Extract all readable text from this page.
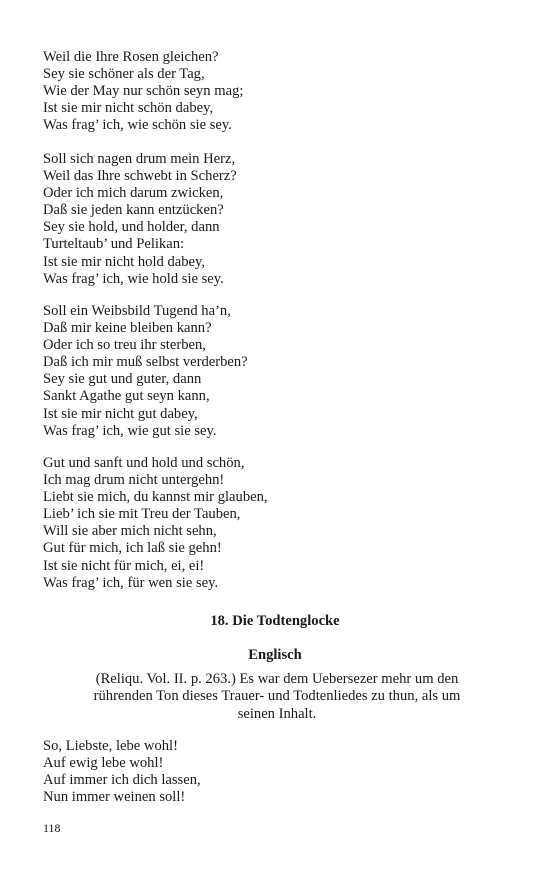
Weil die Ihre Rosen gleichen?
Sey sie schöner als der Tag,
Wie der May nur schön seyn mag;
Ist sie mir nicht schön dabey,
Was frag’ ich, wie schön sie sey.
Soll sich nagen drum mein Herz,
Weil das Ihre schwebt in Scherz?
Oder ich mich darum zwicken,
Daß sie jeden kann entzücken?
Sey sie hold, und holder, dann
Turteltaub’ und Pelikan:
Ist sie mir nicht hold dabey,
Was frag’ ich, wie hold sie sey.
Soll ein Weibsbild Tugend ha’n,
Daß mir keine bleiben kann?
Oder ich so treu ihr sterben,
Daß ich mir muß selbst verderben?
Sey sie gut und guter, dann
Sankt Agathe gut seyn kann,
Ist sie mir nicht gut dabey,
Was frag’ ich, wie gut sie sey.
Gut und sanft und hold und schön,
Ich mag drum nicht untergehn!
Liebt sie mich, du kannst mir glauben,
Lieb’ ich sie mit Treu der Tauben,
Will sie aber mich nicht sehn,
Gut für mich, ich laß sie gehn!
Ist sie nicht für mich, ei, ei!
Was frag’ ich, für wen sie sey.
18. Die Todtenglocke
Englisch
(Reliqu. Vol. II. p. 263.) Es war dem Uebersezer mehr um den
rührenden Ton dieses Trauer- und Todtenliedes zu thun, als um
seinen Inhalt.
So, Liebste, lebe wohl!
Auf ewig lebe wohl!
Auf immer ich dich lassen,
Nun immer weinen soll!
118
